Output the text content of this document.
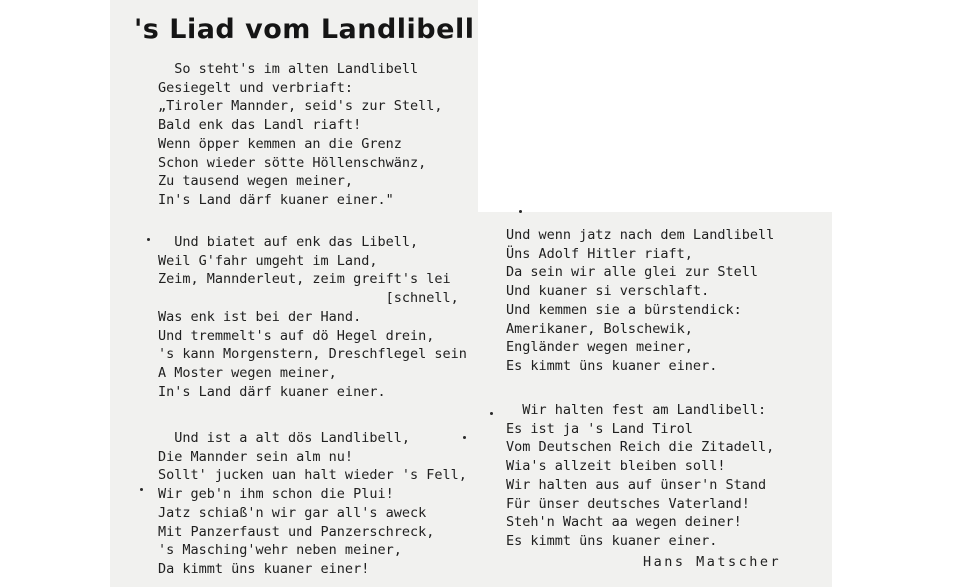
's Liad vom Landlibell
So steht's im alten Landlibell
Gesiegelt und verbriaft:
„Tiroler Mannder, seid's zur Stell,
Bald enk das Landl riaft!
Wenn öpper kemmen an die Grenz
Schon wieder sötte Höllenschwänz,
Zu tausend wegen meiner,
In's Land därf kuaner einer."
Und biatet auf enk das Libell,
Weil G'fahr umgeht im Land,
Zeim, Mannderleut, zeim greift's lei
[schnell,
Was enk ist bei der Hand.
Und tremmelt's auf dö Hegel drein,
's kann Morgenstern, Dreschflegel sein
A Moster wegen meiner,
In's Land därf kuaner einer.
Und ist a alt dös Landlibell,
Die Mannder sein alm nu!
Sollt' jucken uan halt wieder 's Fell,
Wir geb'n ihm schon die Plui!
Jatz schiaß'n wir gar all's aweck
Mit Panzerfaust und Panzerschreck,
's Masching'wehr neben meiner,
Da kimmt üns kuaner einer!
Und wenn jatz nach dem Landlibell
Üns Adolf Hitler riaft,
Da sein wir alle glei zur Stell
Und kuaner si verschlaft.
Und kemmen sie a bürstendick:
Amerikaner, Bolschewik,
Engländer wegen meiner,
Es kimmt üns kuaner einer.
Wir halten fest am Landlibell:
Es ist ja 's Land Tirol
Vom Deutschen Reich die Zitadell,
Wia's allzeit bleiben soll!
Wir halten aus auf ünser'n Stand
Für ünser deutsches Vaterland!
Steh'n Wacht aa wegen deiner!
Es kimmt üns kuaner einer.
Hans Matscher
